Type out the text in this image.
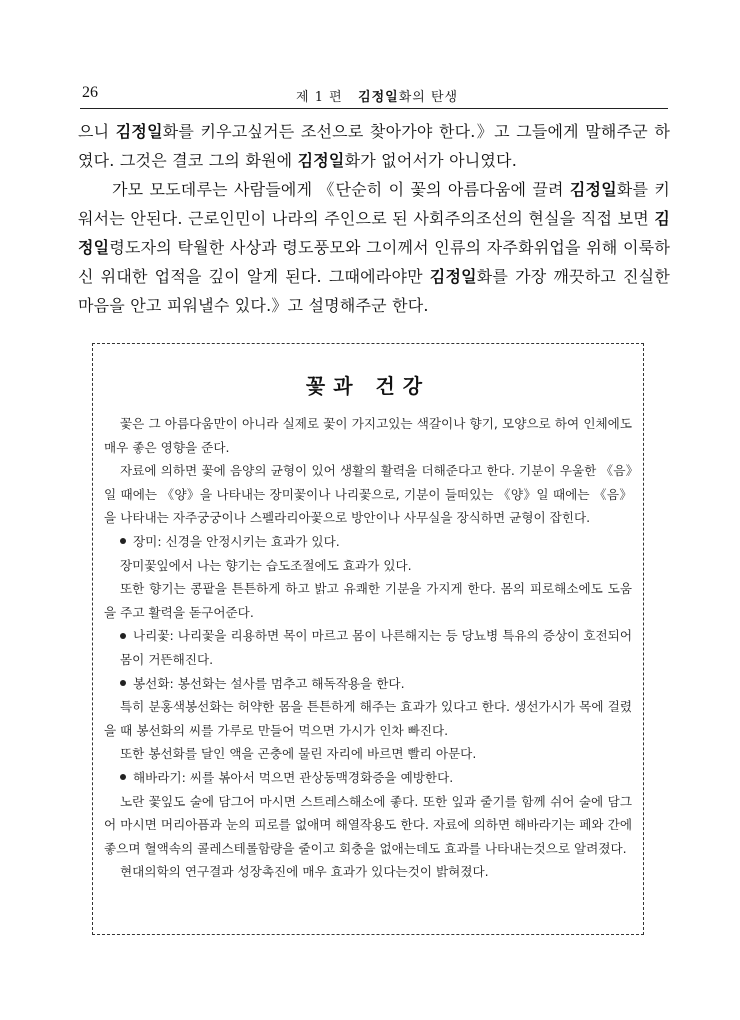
26	제 1 편 김정일화의 탄생

으니 김정일화를 키우고싶거든 조선으로 찾아가야 한다.》고 그들에게 말해주군 하였다. 그것은 결코 그의 화원에 김정일화가 없어서가 아니였다.

가모 모도데루는 사람들에게 《단순히 이 꽃의 아름다움에 끌려 김정일화를 키워서는 안된다. 근로인민이 나라의 주인으로 된 사회주의조선의 현실을 직접 보면 김정일령도자의 탁월한 사상과 령도풍모와 그이께서 인류의 자주화위업을 위해 이룩하신 위대한 업적을 깊이 알게 된다. 그때에라야만 김정일화를 가장 깨끗하고 진실한 마음을 안고 피워낼수 있다.》고 설명해주군 한다.

꽃과 건강

꽃은 그 아름다움만이 아니라 실제로 꽃이 가지고있는 색갈이나 향기, 모양으로 하여 인체에도 매우 좋은 영향을 준다.

자료에 의하면 꽃에 음양의 균형이 있어 생활의 활력을 더해준다고 한다. 기분이 우울한 《음》일 때에는 《양》을 나타내는 장미꽃이나 나리꽃으로, 기분이 들떠있는 《양》일 때에는 《음》을 나타내는 자주궁궁이나 스펠라리아꽃으로 방안이나 사무실을 장식하면 균형이 잡힌다.

장미: 신경을 안정시키는 효과가 있다.

장미꽃잎에서 나는 향기는 습도조절에도 효과가 있다.

또한 향기는 콩팥을 튼튼하게 하고 밝고 유쾌한 기분을 가지게 한다. 몸의 피로해소에도 도움을 주고 활력을 돋구어준다.

나리꽃: 나리꽃을 리용하면 목이 마르고 몸이 나른해지는 등 당뇨병 특유의 증상이 호전되어 몸이 거뜬해진다.

봉선화: 봉선화는 설사를 멈추고 해독작용을 한다.

특히 분홍색봉선화는 허약한 몸을 튼튼하게 해주는 효과가 있다고 한다. 생선가시가 목에 걸렸을 때 봉선화의 씨를 가루로 만들어 먹으면 가시가 인차 빠진다.

또한 봉선화를 달인 액을 곤충에 물린 자리에 바르면 빨리 아문다.

해바라기: 씨를 볶아서 먹으면 관상동맥경화증을 예방한다.

노란 꽃잎도 술에 담그어 마시면 스트레스해소에 좋다. 또한 잎과 줄기를 함께 쉬어 술에 담그어 마시면 머리아픔과 눈의 피로를 없애며 해열작용도 한다. 자료에 의하면 해바라기는 페와 간에 좋으며 혈액속의 콜레스테롤함량을 줄이고 회충을 없애는데도 효과를 나타내는것으로 알려졌다.

현대의학의 연구결과 성장촉진에 매우 효과가 있다는것이 밝혀졌다.
